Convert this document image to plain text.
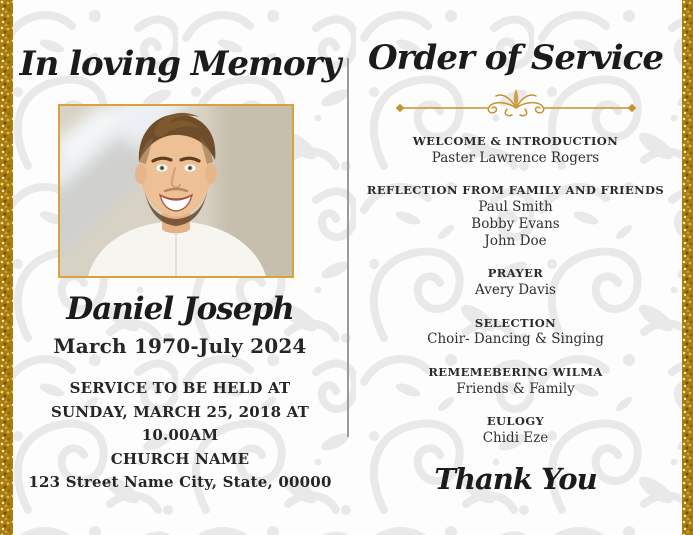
In loving Memory
Daniel Joseph
March 1970-July 2024
SERVICE TO BE HELD AT
SUNDAY, MARCH 25, 2018 AT 10.00AM
CHURCH NAME
123 Street Name City, State, 00000
Order of Service
WELCOME & INTRODUCTION
Paster Lawrence Rogers
REFLECTION FROM FAMILY AND FRIENDS
Paul Smith
Bobby Evans
John Doe
PRAYER
Avery Davis
SELECTION
Choir- Dancing & Singing
REMEMEBERING WILMA
Friends & Family
EULOGY
Chidi Eze
Thank You
